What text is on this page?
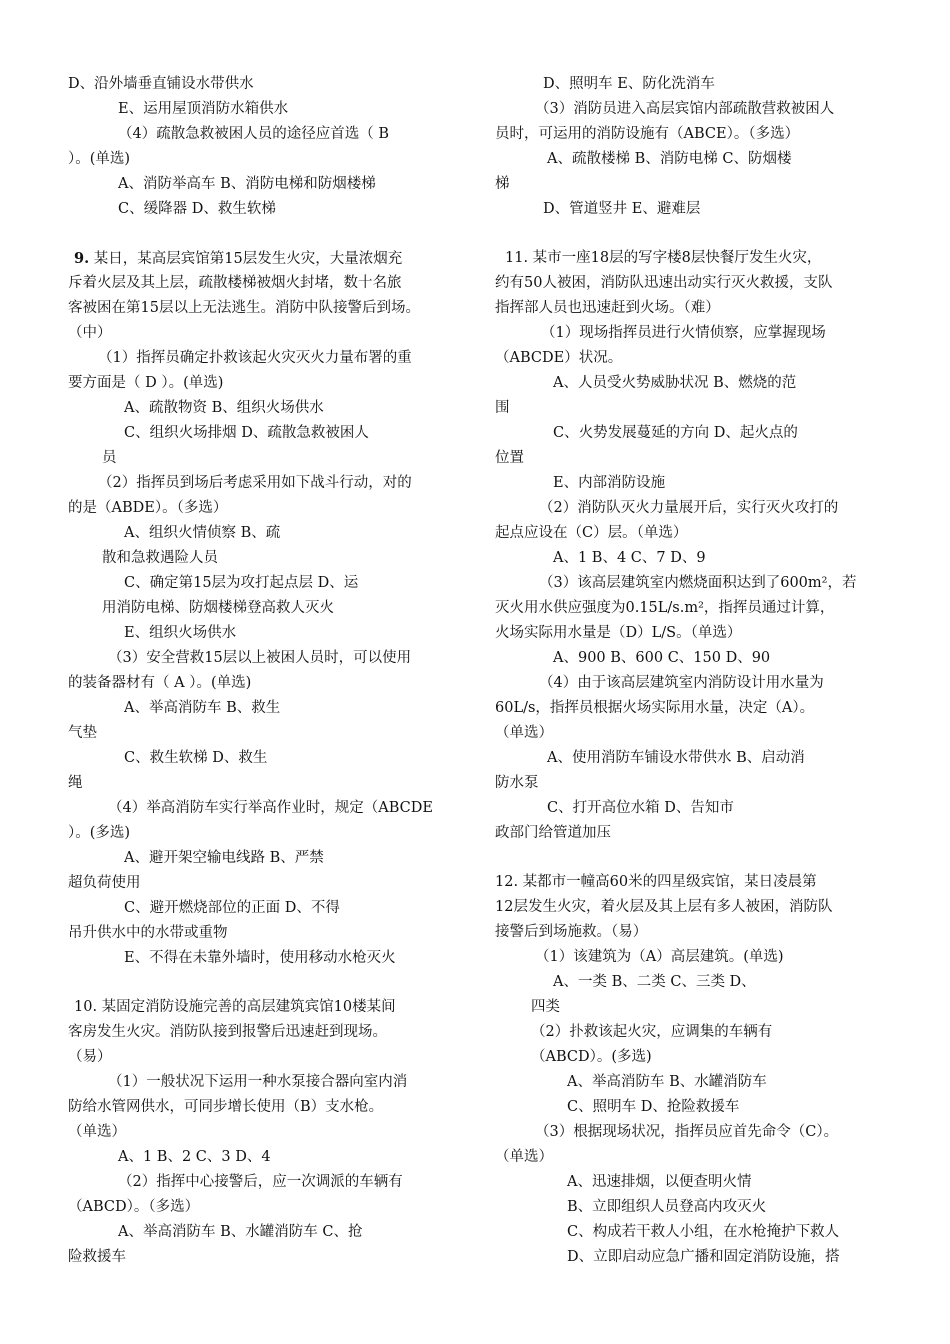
D、沿外墙垂直铺设水带供水
E、运用屋顶消防水箱供水
（4）疏散急救被困人员的途径应首选（ B
）。(单选)
A、消防举高车 B、消防电梯和防烟楼梯
C、缓降器 D、救生软梯
9. 某日，某高层宾馆第15层发生火灾，大量浓烟充
斥着火层及其上层，疏散楼梯被烟火封堵，数十名旅
客被困在第15层以上无法逃生。消防中队接警后到场。
（中）
（1）指挥员确定扑救该起火灾灭火力量布署的重
要方面是（ D ）。(单选)
A、疏散物资 B、组织火场供水
C、组织火场排烟 D、疏散急救被困人
员
（2）指挥员到场后考虑采用如下战斗行动，对的
的是（ABDE）。（多选）
A、组织火情侦察 B、疏
散和急救遇险人员
C、确定第15层为攻打起点层 D、运
用消防电梯、防烟楼梯登高救人灭火
E、组织火场供水
（3）安全营救15层以上被困人员时，可以使用
的装备器材有（ A ）。(单选)
A、举高消防车 B、救生
气垫
C、救生软梯 D、救生
绳
（4）举高消防车实行举高作业时，规定（ABCDE
）。(多选)
A、避开架空输电线路 B、严禁
超负荷使用
C、避开燃烧部位的正面 D、不得
吊升供水中的水带或重物
E、不得在未靠外墙时，使用移动水枪灭火
10. 某固定消防设施完善的高层建筑宾馆10楼某间
客房发生火灾。消防队接到报警后迅速赶到现场。
（易）
（1）一般状况下运用一种水泵接合器向室内消
防给水管网供水，可同步增长使用（B）支水枪。
（单选）
A、1 B、2 C、3 D、4
（2）指挥中心接警后，应一次调派的车辆有
（ABCD）。（多选）
A、举高消防车 B、水罐消防车 C、抢
险救援车
D、照明车 E、防化洗消车
（3）消防员进入高层宾馆内部疏散营救被困人
员时，可运用的消防设施有（ABCE）。（多选）
A、疏散楼梯 B、消防电梯 C、防烟楼
梯
D、管道竖井 E、避难层
11. 某市一座18层的写字楼8层快餐厅发生火灾，
约有50人被困，消防队迅速出动实行灭火救援，支队
指挥部人员也迅速赶到火场。（难）
（1）现场指挥员进行火情侦察，应掌握现场
（ABCDE）状况。
A、人员受火势威胁状况 B、燃烧的范
围
C、火势发展蔓延的方向 D、起火点的
位置
E、内部消防设施
（2）消防队灭火力量展开后，实行灭火攻打的
起点应设在（C）层。（单选）
A、1 B、4 C、7 D、9
（3）该高层建筑室内燃烧面积达到了600m²，若
灭火用水供应强度为0.15L/s.m²，指挥员通过计算，
火场实际用水量是（D）L/S。（单选）
A、900 B、600 C、150 D、90
（4）由于该高层建筑室内消防设计用水量为
60L/s，指挥员根据火场实际用水量，决定（A）。
（单选）
A、使用消防车铺设水带供水 B、启动消
防水泵
C、打开高位水箱 D、告知市
政部门给管道加压
12. 某都市一幢高60米的四星级宾馆，某日凌晨第
12层发生火灾，着火层及其上层有多人被困，消防队
接警后到场施救。（易）
（1）该建筑为（A）高层建筑。(单选)
A、一类 B、二类 C、三类 D、
四类
（2）扑救该起火灾，应调集的车辆有
（ABCD）。(多选)
A、举高消防车 B、水罐消防车
C、照明车 D、抢险救援车
（3）根据现场状况，指挥员应首先命令（C）。
（单选）
A、迅速排烟，以便查明火情
B、立即组织人员登高内攻灭火
C、构成若干救人小组，在水枪掩护下救人
D、立即启动应急广播和固定消防设施，搭
